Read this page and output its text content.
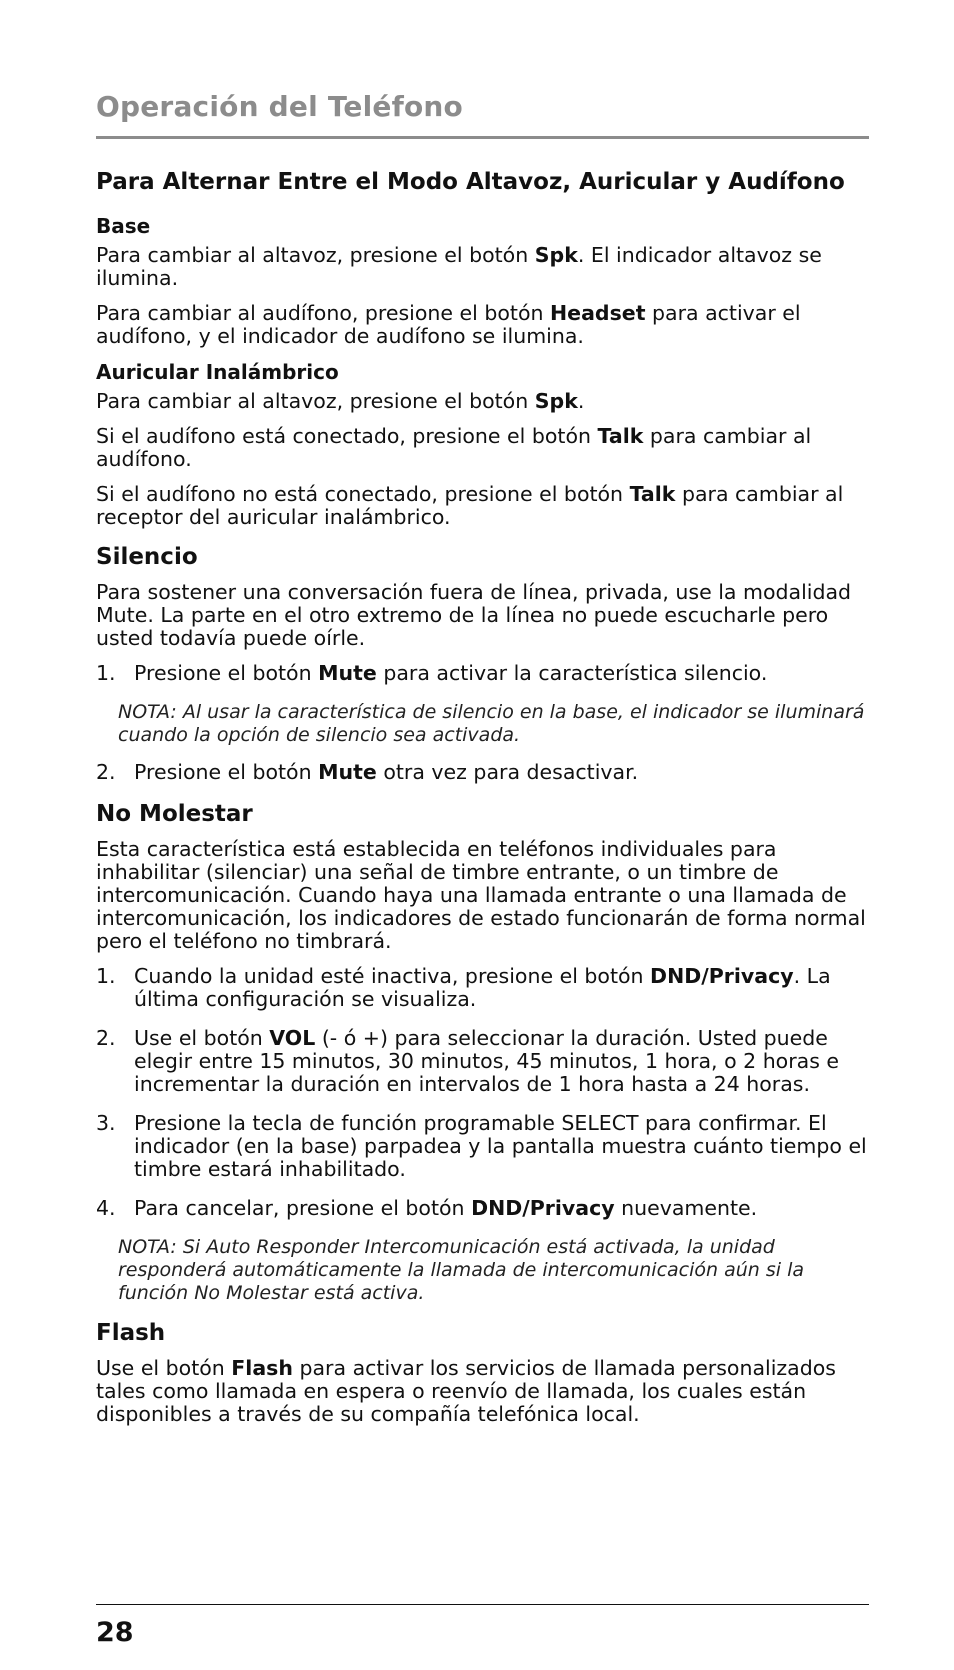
Operación del Teléfono
Para Alternar Entre el Modo Altavoz, Auricular y Audífono
Base

Para cambiar al altavoz, presione el botón Spk. El indicador altavoz se ilumina.

Para cambiar al audífono, presione el botón Headset para activar el audífono, y el indicador de audífono se ilumina.

Auricular Inalámbrico

Para cambiar al altavoz, presione el botón Spk.

Si el audífono está conectado, presione el botón Talk para cambiar al audífono.

Si el audífono no está conectado, presione el botón Talk para cambiar al receptor del auricular inalámbrico.

Silencio

Para sostener una conversación fuera de línea, privada, use la modalidad Mute. La parte en el otro extremo de la línea no puede escucharle pero usted todavía puede oírle.

1. Presione el botón Mute para activar la característica silencio.
NOTA: Al usar la característica de silencio en la base, el indicador se iluminará cuando la opción de silencio sea activada.
2. Presione el botón Mute otra vez para desactivar.
No Molestar

Esta característica está establecida en teléfonos individuales para inhabilitar (silenciar) una señal de timbre entrante, o un timbre de intercomunicación. Cuando haya una llamada entrante o una llamada de intercomunicación, los indicadores de estado funcionarán de forma normal pero el teléfono no timbrará.

1. Cuando la unidad esté inactiva, presione el botón DND/Privacy. La última configuración se visualiza.
2. Use el botón VOL (- ó +) para seleccionar la duración. Usted puede elegir entre 15 minutos, 30 minutos, 45 minutos, 1 hora, o 2 horas e incrementar la duración en intervalos de 1 hora hasta a 24 horas.
3. Presione la tecla de función programable SELECT para confirmar. El indicador (en la base) parpadea y la pantalla muestra cuánto tiempo el timbre estará inhabilitado.
4. Para cancelar, presione el botón DND/Privacy nuevamente.
NOTA: Si Auto Responder Intercomunicación está activada, la unidad responderá automáticamente la llamada de intercomunicación aún si la función No Molestar está activa.
Flash

Use el botón Flash para activar los servicios de llamada personalizados tales como llamada en espera o reenvío de llamada, los cuales están disponibles a través de su compañía telefónica local.

28
